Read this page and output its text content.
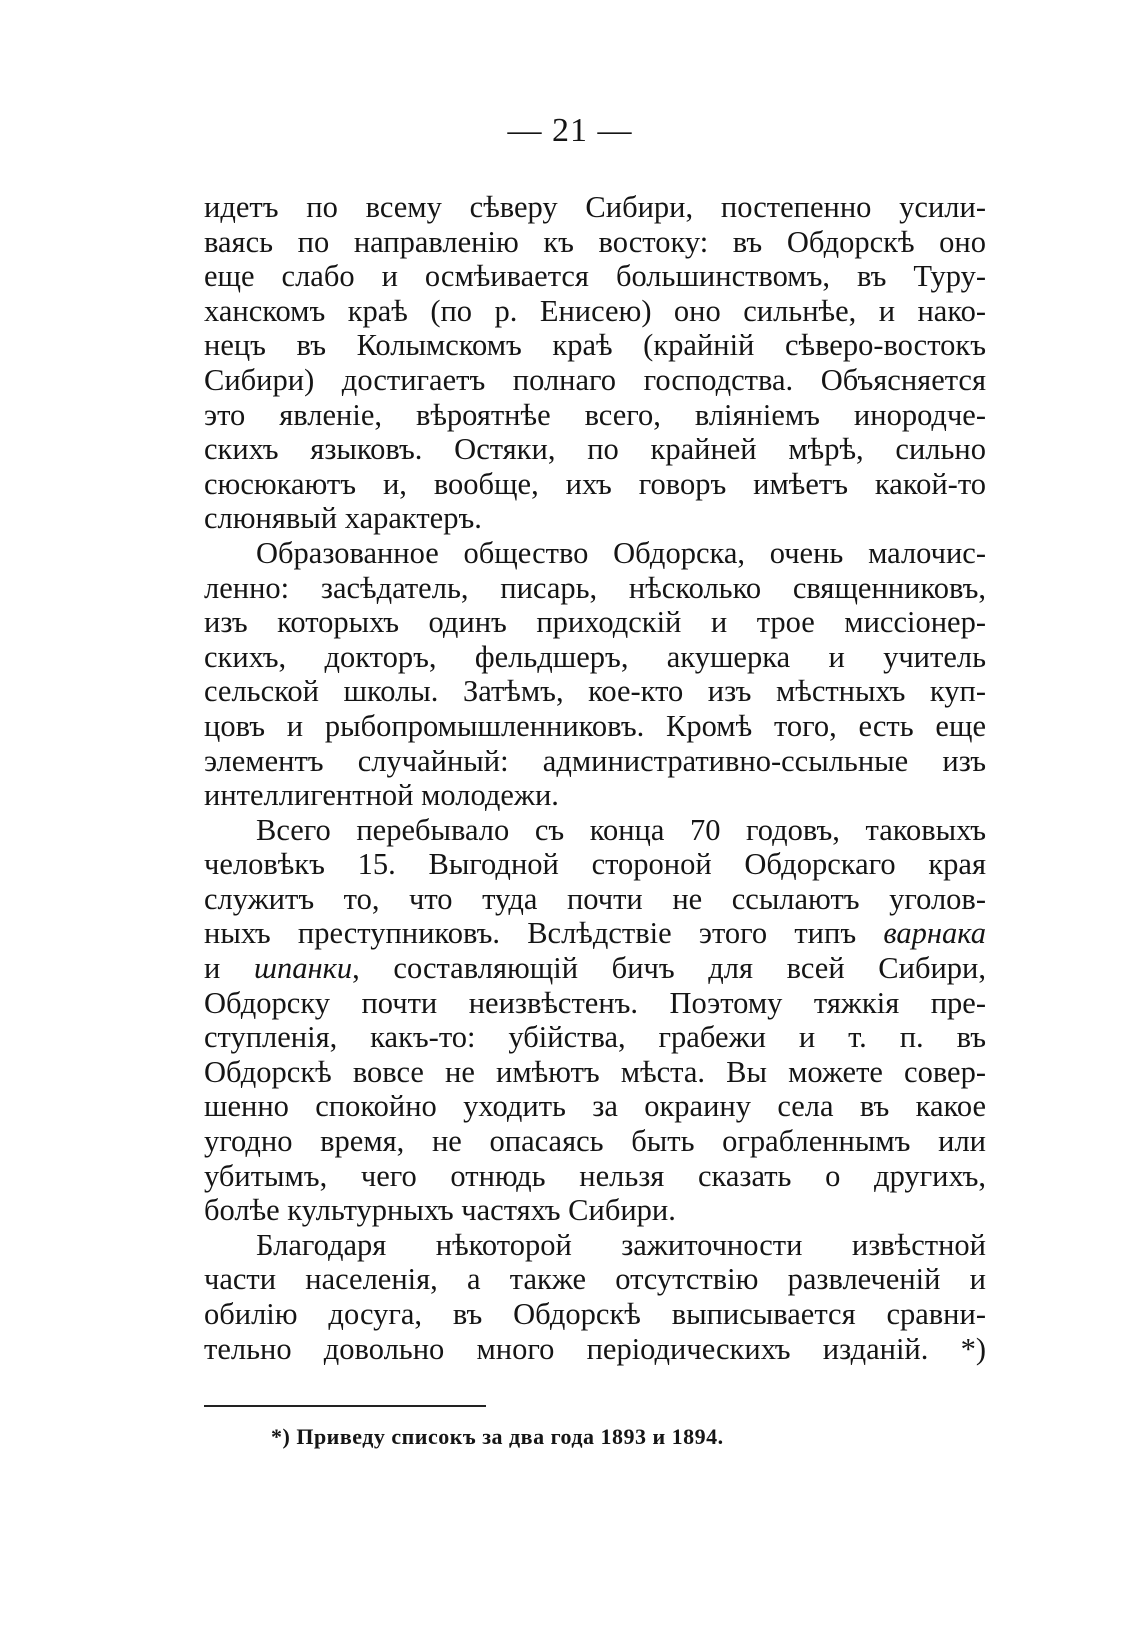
— 21 —
идетъ по всему сѣверу Сибири, постепенно усили-
ваясь по направленію къ востоку: въ Обдорскѣ оно
еще слабо и осмѣивается большинствомъ, въ Туру-
ханскомъ краѣ (по р. Енисею) оно сильнѣе, и нако-
нецъ въ Колымскомъ краѣ (крайній сѣверо-востокъ
Сибири) достигаетъ полнаго господства. Объясняется
это явленіе, вѣроятнѣе всего, вліяніемъ инородче-
скихъ языковъ. Остяки, по крайней мѣрѣ, сильно
сюсюкаютъ и, вообще, ихъ говоръ имѣетъ какой-то
слюнявый характеръ.
Образованное общество Обдорска, очень малочис-
ленно: засѣдатель, писарь, нѣсколько священниковъ,
изъ которыхъ одинъ приходскій и трое миссіонер-
скихъ, докторъ, фельдшеръ, акушерка и учитель
сельской школы. Затѣмъ, кое-кто изъ мѣстныхъ куп-
цовъ и рыбопромышленниковъ. Кромѣ того, есть еще
элементъ случайный: административно-ссыльные изъ
интеллигентной молодежи.
Всего перебывало съ конца 70 годовъ, таковыхъ
человѣкъ 15. Выгодной стороной Обдорскаго края
служитъ то, что туда почти не ссылаютъ уголов-
ныхъ преступниковъ. Вслѣдствіе этого типъ варнака
и шпанки, составляющій бичъ для всей Сибири,
Обдорску почти неизвѣстенъ. Поэтому тяжкія пре-
ступленія, какъ-то: убійства, грабежи и т. п. въ
Обдорскѣ вовсе не имѣютъ мѣста. Вы можете совер-
шенно спокойно уходить за окраину села въ какое
угодно время, не опасаясь быть ограбленнымъ или
убитымъ, чего отнюдь нельзя сказать о другихъ,
болѣе культурныхъ частяхъ Сибири.
Благодаря нѣкоторой зажиточности извѣстной
части населенія, а также отсутствію развлеченій и
обилію досуга, въ Обдорскѣ выписывается сравни-
тельно довольно много періодическихъ изданій. *)
*) Приведу списокъ за два года 1893 и 1894.
